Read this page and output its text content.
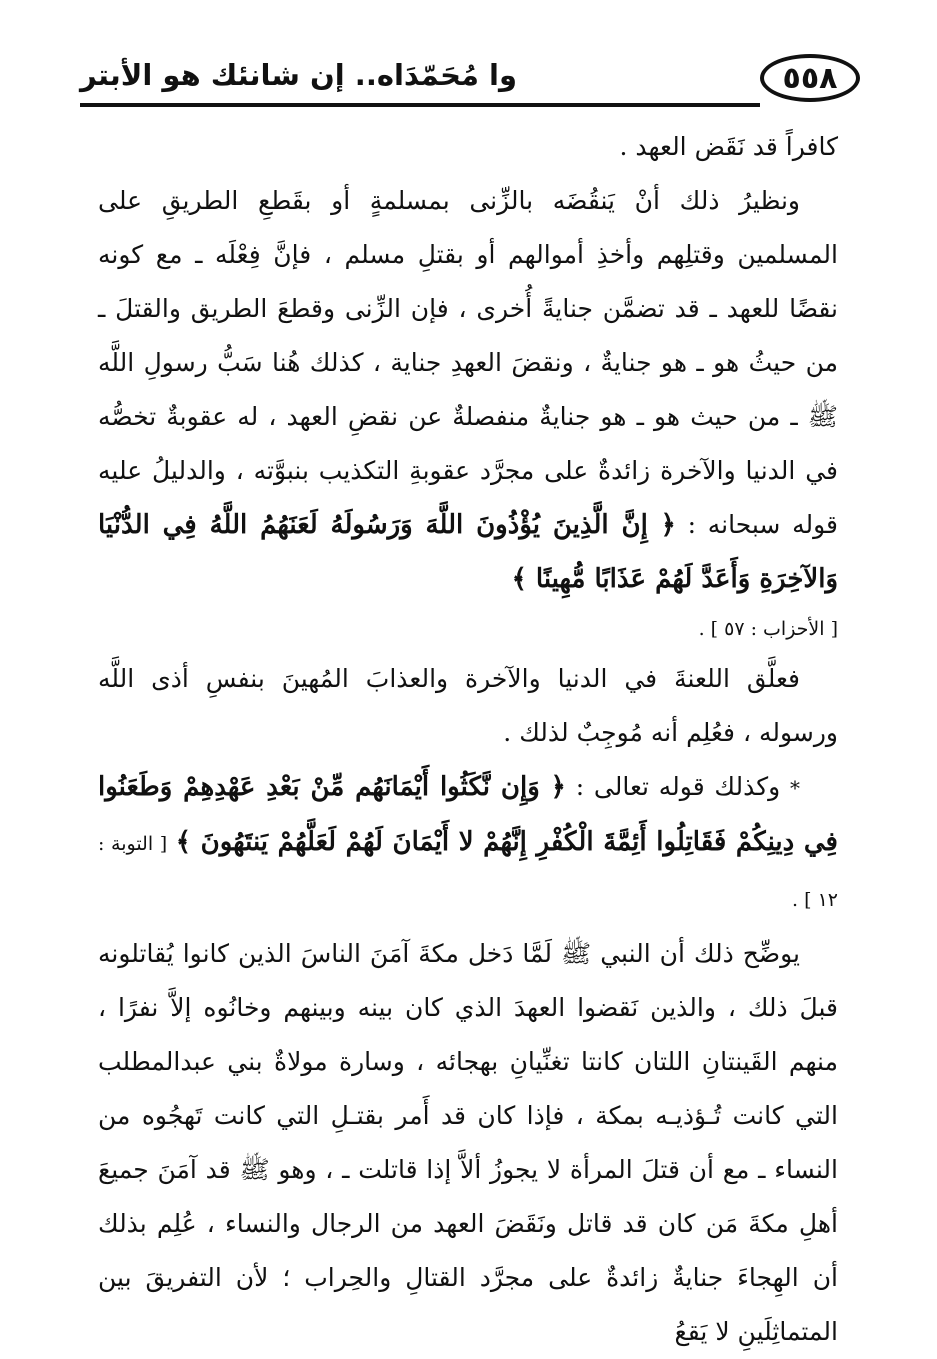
٥٥٨
وا مُحَمّدَاه.. إن شانئك هو الأبتر

كافراً قد نَقَض العهد .

ونظيرُ ذلك أنْ يَنقُضَه بالزِّنى بمسلمةٍ أو بقَطعِ الطريقِ على المسلمين وقتلِهم وأخذِ أموالهم أو بقتلِ مسلم ، فإنَّ فِعْلَه ـ مع كونه نقضًا للعهد ـ قد تضمَّن جنايةً أُخرى ، فإن الزِّنى وقطعَ الطريق والقتلَ ـ من حيثُ هو ـ هو جنايةٌ ، ونقضَ العهدِ جناية ، كذلك هُنا سَبُّ رسولِ اللَّه ﷺ ـ من حيث هو ـ هو جنايةٌ منفصلةٌ عن نقضِ العهد ، له عقوبةٌ تخصُّه في الدنيا والآخرة زائدةٌ على مجرَّد عقوبةِ التكذيب بنبوَّته ، والدليلُ عليه قوله سبحانه : ﴿ إِنَّ الَّذِينَ يُؤْذُونَ اللَّهَ وَرَسُولَهُ لَعَنَهُمُ اللَّهُ فِي الدُّنْيَا وَالآخِرَةِ وَأَعَدَّ لَهُمْ عَذَابًا مُّهِينًا ﴾

[ الأحزاب : ٥٧ ] .

فعلَّق اللعنةَ في الدنيا والآخرة والعذابَ المُهينَ بنفسِ أذى اللَّه ورسوله ، فعُلِم أنه مُوجِبٌ لذلك .

* وكذلك قوله تعالى : ﴿ وَإِن نَّكَثُوا أَيْمَانَهُم مِّنْ بَعْدِ عَهْدِهِمْ وَطَعَنُوا فِي دِينِكُمْ فَقَاتِلُوا أَئِمَّةَ الْكُفْرِ إِنَّهُمْ لا أَيْمَانَ لَهُمْ لَعَلَّهُمْ يَنتَهُونَ ﴾ [ التوبة : ١٢ ] .

يوضِّح ذلك أن النبي ﷺ لَمَّا دَخل مكةَ آمَنَ الناسَ الذين كانوا يُقاتلونه قبلَ ذلك ، والذين نَقضوا العهدَ الذي كان بينه وبينهم وخانُوه إلاَّ نفرًا ، منهم القَينتانِ اللتان كانتا تغنِّيانِ بهجائه ، وسارة مولاةٌ بني عبدالمطلب التي كانت تُـؤذيـه بمكة ، فإذا كان قد أَمر بقتـلِ التي كانت تَهجُوه من النساء ـ مع أن قتلَ المرأة لا يجوزُ ألاَّ إذا قاتلت ـ ، وهو ﷺ قد آمَنَ جميعَ أهلِ مكةَ مَن كان قد قاتل ونَقَضَ العهد من الرجال والنساء ، عُلِم بذلك أن الهِجاءَ جنايةٌ زائدةٌ على مجرَّد القتالِ والحِراب ؛ لأن التفريقَ بين المتماثِلَينِ لا يَقعُ
